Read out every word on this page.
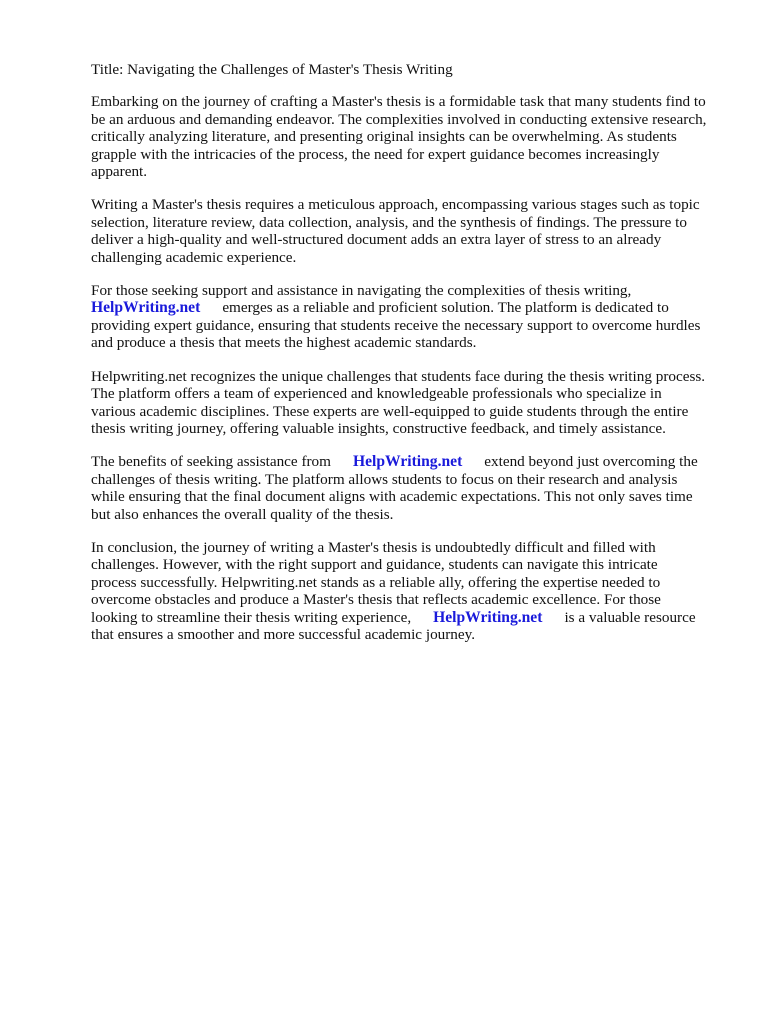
Title: Navigating the Challenges of Master's Thesis Writing

Embarking on the journey of crafting a Master's thesis is a formidable task that many students find to
be an arduous and demanding endeavor. The complexities involved in conducting extensive research,
critically analyzing literature, and presenting original insights can be overwhelming. As students
grapple with the intricacies of the process, the need for expert guidance becomes increasingly
apparent.

Writing a Master's thesis requires a meticulous approach, encompassing various stages such as topic
selection, literature review, data collection, analysis, and the synthesis of findings. The pressure to
deliver a high-quality and well-structured document adds an extra layer of stress to an already
challenging academic experience.

For those seeking support and assistance in navigating the complexities of thesis writing,
HelpWriting.net emerges as a reliable and proficient solution. The platform is dedicated to
providing expert guidance, ensuring that students receive the necessary support to overcome hurdles
and produce a thesis that meets the highest academic standards.

Helpwriting.net recognizes the unique challenges that students face during the thesis writing process.
The platform offers a team of experienced and knowledgeable professionals who specialize in
various academic disciplines. These experts are well-equipped to guide students through the entire
thesis writing journey, offering valuable insights, constructive feedback, and timely assistance.

The benefits of seeking assistance from HelpWriting.net extend beyond just overcoming the
challenges of thesis writing. The platform allows students to focus on their research and analysis
while ensuring that the final document aligns with academic expectations. This not only saves time
but also enhances the overall quality of the thesis.

In conclusion, the journey of writing a Master's thesis is undoubtedly difficult and filled with
challenges. However, with the right support and guidance, students can navigate this intricate
process successfully. Helpwriting.net stands as a reliable ally, offering the expertise needed to
overcome obstacles and produce a Master's thesis that reflects academic excellence. For those
looking to streamline their thesis writing experience, HelpWriting.net is a valuable resource
that ensures a smoother and more successful academic journey.
